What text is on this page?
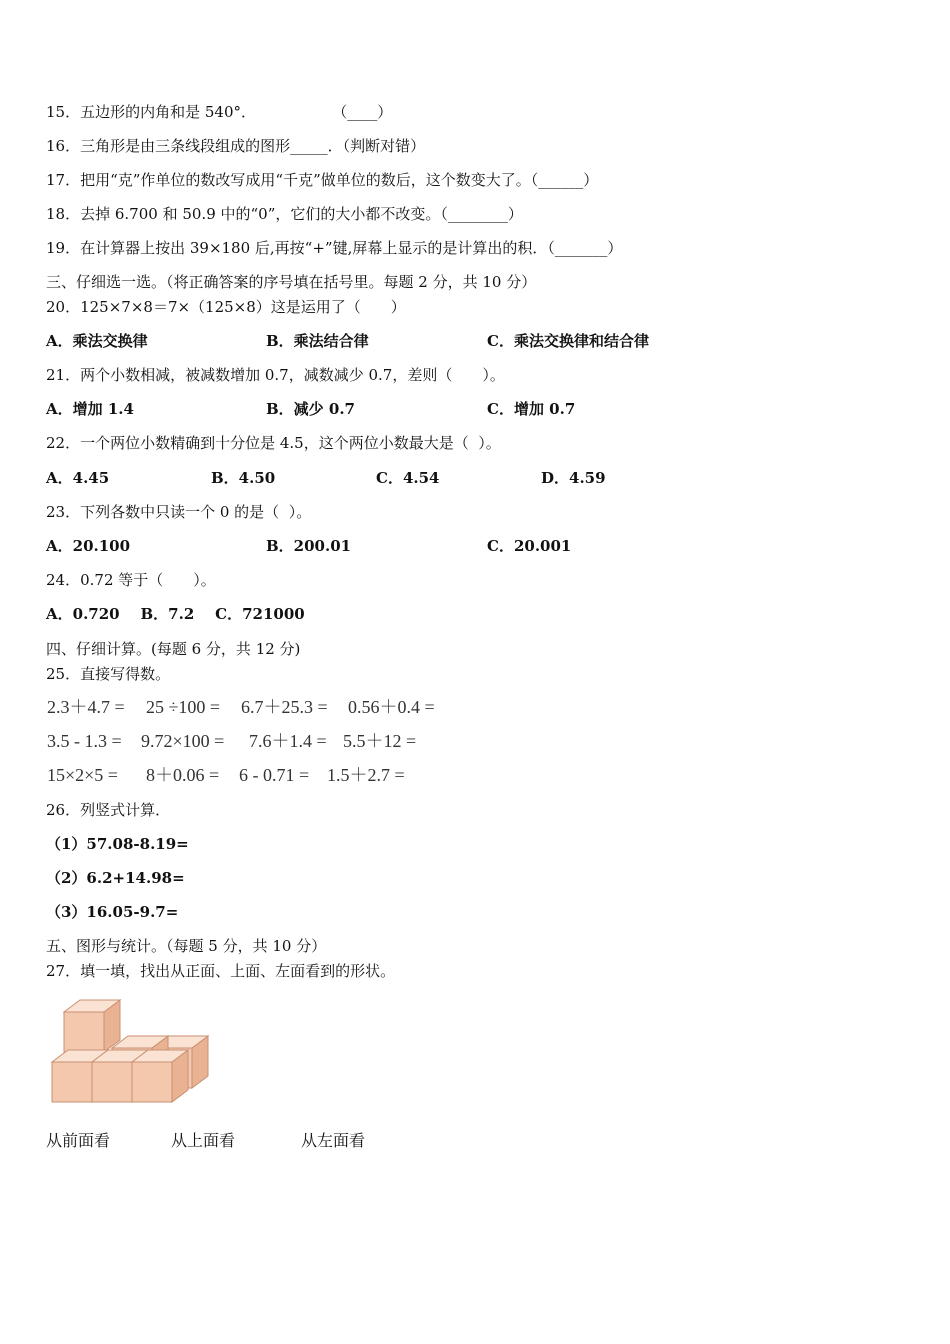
15．五边形的内角和是 540°．                （____）
16．三角形是由三条线段组成的图形_____．（判断对错）
17．把用“克”作单位的数改写成用“千克”做单位的数后，这个数变大了。（______）
18．去掉 6.700 和 50.9 中的“0”，它们的大小都不改变。（________）
19．在计算器上按出 39×180 后,再按“+”键,屏幕上显示的是计算出的积．（_______）
三、仔细选一选。（将正确答案的序号填在括号里。每题 2 分，共 10 分）
20．125×7×8＝7×（125×8）这是运用了（　　）
A．乘法交换律	B．乘法结合律	C．乘法交换律和结合律
21．两个小数相减，被减数增加 0.7，减数减少 0.7，差则（　　）。
A．增加 1.4	B．减少 0.7	C．增加 0.7
22．一个两位小数精确到十分位是 4.5，这个两位小数最大是（  ）。
A．4.45	B．4.50	C．4.54	D．4.59
23．下列各数中只读一个 0 的是（  ）。
A．20.100	B．200.01	C．20.001
24．0.72 等于（　　）。
A．0.720    B．7.2    C．721000
四、仔细计算。(每题 6 分，共 12 分)
25．直接写得数。
2.3＋4.7 = 25 ÷100 = 6.7＋25.3 = 0.56＋0.4 =
3.5 - 1.3 = 9.72×100 = 7.6＋1.4 = 5.5＋12 =
15×2×5 = 8＋0.06 = 6 - 0.71 = 1.5＋2.7 =
26．列竖式计算．
（1）57.08-8.19=
（2）6.2+14.98=
（3）16.05-9.7=
五、图形与统计。（每题 5 分，共 10 分）
27．填一填，找出从正面、上面、左面看到的形状。
从前面看	从上面看	从左面看
